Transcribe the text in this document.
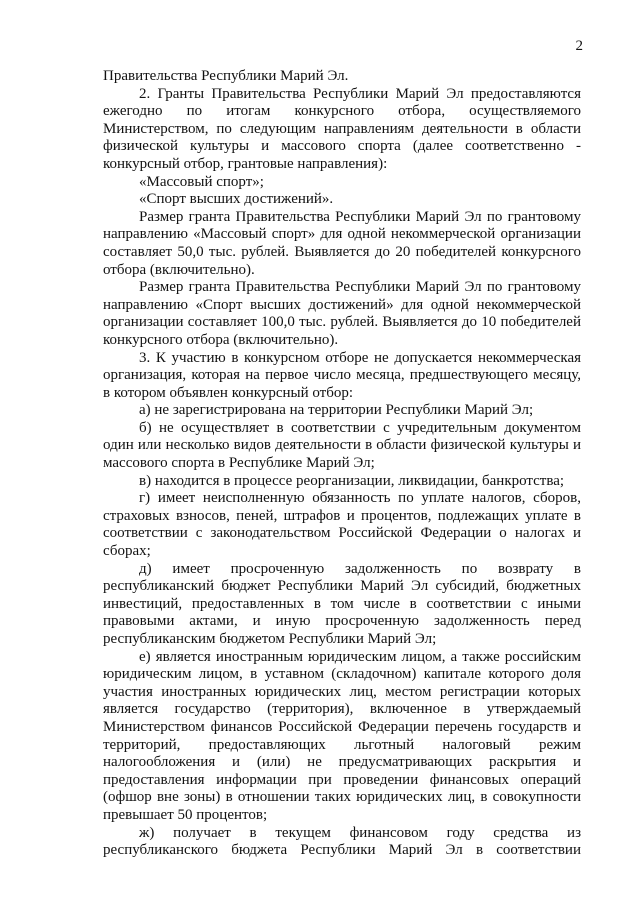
2

Правительства Республики Марий Эл.

2. Гранты Правительства Республики Марий Эл предоставляются ежегодно по итогам конкурсного отбора, осуществляемого Министерством, по следующим направлениям деятельности в области физической культуры и массового спорта (далее соответственно - конкурсный отбор, грантовые направления):

«Массовый спорт»;

«Спорт высших достижений».

Размер гранта Правительства Республики Марий Эл по грантовому направлению «Массовый спорт» для одной некоммерческой организации составляет 50,0 тыс. рублей. Выявляется до 20 победителей конкурсного отбора (включительно).

Размер гранта Правительства Республики Марий Эл по грантовому направлению «Спорт высших достижений» для одной некоммерческой организации составляет 100,0 тыс. рублей. Выявляется до 10 победителей конкурсного отбора (включительно).

3. К участию в конкурсном отборе не допускается некоммерческая организация, которая на первое число месяца, предшествующего месяцу, в котором объявлен конкурсный отбор:

а) не зарегистрирована на территории Республики Марий Эл;

б) не осуществляет в соответствии с учредительным документом один или несколько видов деятельности в области физической культуры и массового спорта в Республике Марий Эл;

в) находится в процессе реорганизации, ликвидации, банкротства;

г) имеет неисполненную обязанность по уплате налогов, сборов, страховых взносов, пеней, штрафов и процентов, подлежащих уплате в соответствии с законодательством Российской Федерации о налогах и сборах;

д) имеет просроченную задолженность по возврату в республиканский бюджет Республики Марий Эл субсидий, бюджетных инвестиций, предоставленных в том числе в соответствии с иными правовыми актами, и иную просроченную задолженность перед республиканским бюджетом Республики Марий Эл;

е) является иностранным юридическим лицом, а также российским юридическим лицом, в уставном (складочном) капитале которого доля участия иностранных юридических лиц, местом регистрации которых является государство (территория), включенное в утверждаемый Министерством финансов Российской Федерации перечень государств и территорий, предоставляющих льготный налоговый режим налогообложения и (или) не предусматривающих раскрытия и предоставления информации при проведении финансовых операций (офшор вне зоны) в отношении таких юридических лиц, в совокупности превышает 50 процентов;

ж) получает в текущем финансовом году средства из республиканского бюджета Республики Марий Эл в соответствии
